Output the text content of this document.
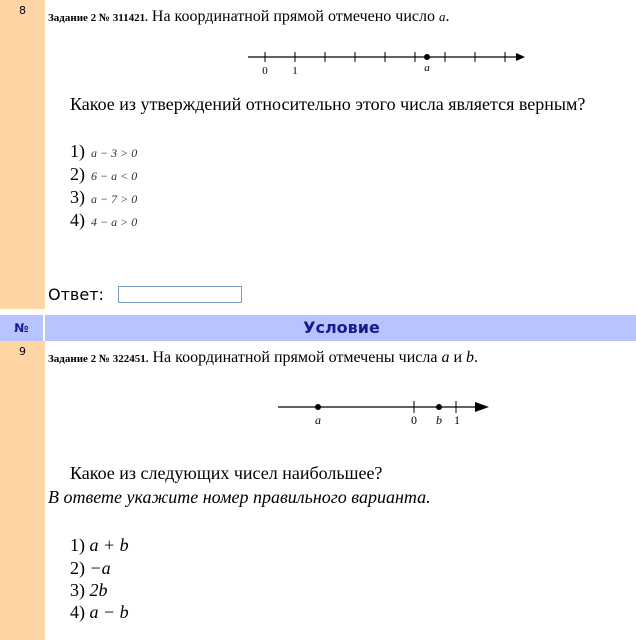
8
Задание 2 № 311421. На координатной прямой отмечено число a.
0 1	a
Какое из утверждений относительно этого числа является верным?
1) a − 3 > 0
2) 6 − a < 0
3) a − 7 > 0
4) 4 − a > 0
Ответ:
№	Условие
9
Задание 2 № 322451. На координатной прямой отмечены числа a и b.
a	0 b 1
Какое из следующих чисел наибольшее?
В ответе укажите номер правильного варианта.
1) a + b
2) −a
3) 2b
4) a − b
